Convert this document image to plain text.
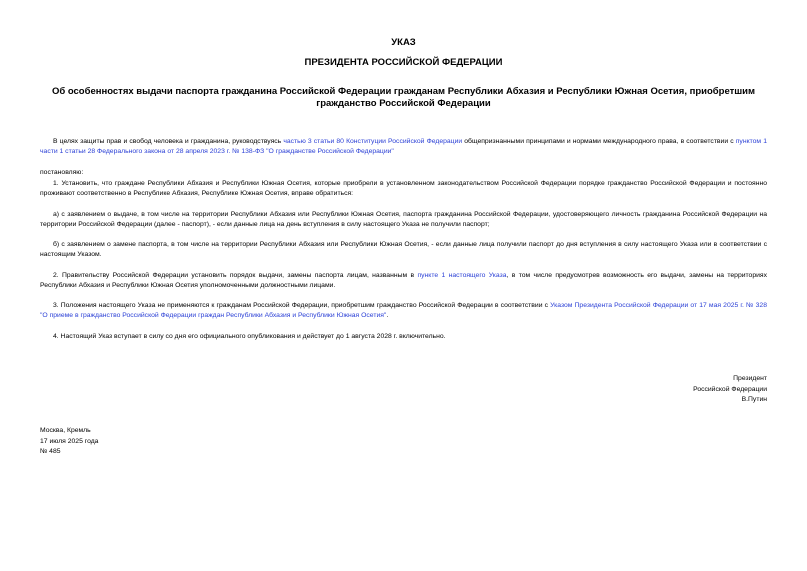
УКАЗ
ПРЕЗИДЕНТА РОССИЙСКОЙ ФЕДЕРАЦИИ
Об особенностях выдачи паспорта гражданина Российской Федерации гражданам Республики Абхазия и Республики Южная Осетия, приобретшим гражданство Российской Федерации
В целях защиты прав и свобод человека и гражданина, руководствуясь частью 3 статьи 80 Конституции Российской Федерации общепризнанными принципами и нормами международного права, в соответствии с пунктом 1 части 1 статьи 28 Федерального закона от 28 апреля 2023 г. № 138-ФЗ "О гражданстве Российской Федерации"
постановляю:
1. Установить, что граждане Республики Абхазия и Республики Южная Осетия, которые приобрели в установленном законодательством Российской Федерации порядке гражданство Российской Федерации и постоянно проживают соответственно в Республике Абхазия, Республике Южная Осетия, вправе обратиться:
а) с заявлением о выдаче, в том числе на территории Республики Абхазия или Республики Южная Осетия, паспорта гражданина Российской Федерации, удостоверяющего личность гражданина Российской Федерации на территории Российской Федерации (далее - паспорт), - если данные лица на день вступления в силу настоящего Указа не получили паспорт;
б) с заявлением о замене паспорта, в том числе на территории Республики Абхазия или Республики Южная Осетия, - если данные лица получили паспорт до дня вступления в силу настоящего Указа или в соответствии с настоящим Указом.
2. Правительству Российской Федерации установить порядок выдачи, замены паспорта лицам, названным в пункте 1 настоящего Указа, в том числе предусмотрев возможность его выдачи, замены на территориях Республики Абхазия и Республики Южная Осетия уполномоченными должностными лицами.
3. Положения настоящего Указа не применяются к гражданам Российской Федерации, приобретшим гражданство Российской Федерации в соответствии с Указом Президента Российской Федерации от 17 мая 2025 г. № 328 "О приеме в гражданство Российской Федерации граждан Республики Абхазия и Республики Южная Осетия".
4. Настоящий Указ вступает в силу со дня его официального опубликования и действует до 1 августа 2028 г. включительно.
Президент
Российской Федерации
В.Путин
Москва, Кремль
17 июля 2025 года
№ 485
